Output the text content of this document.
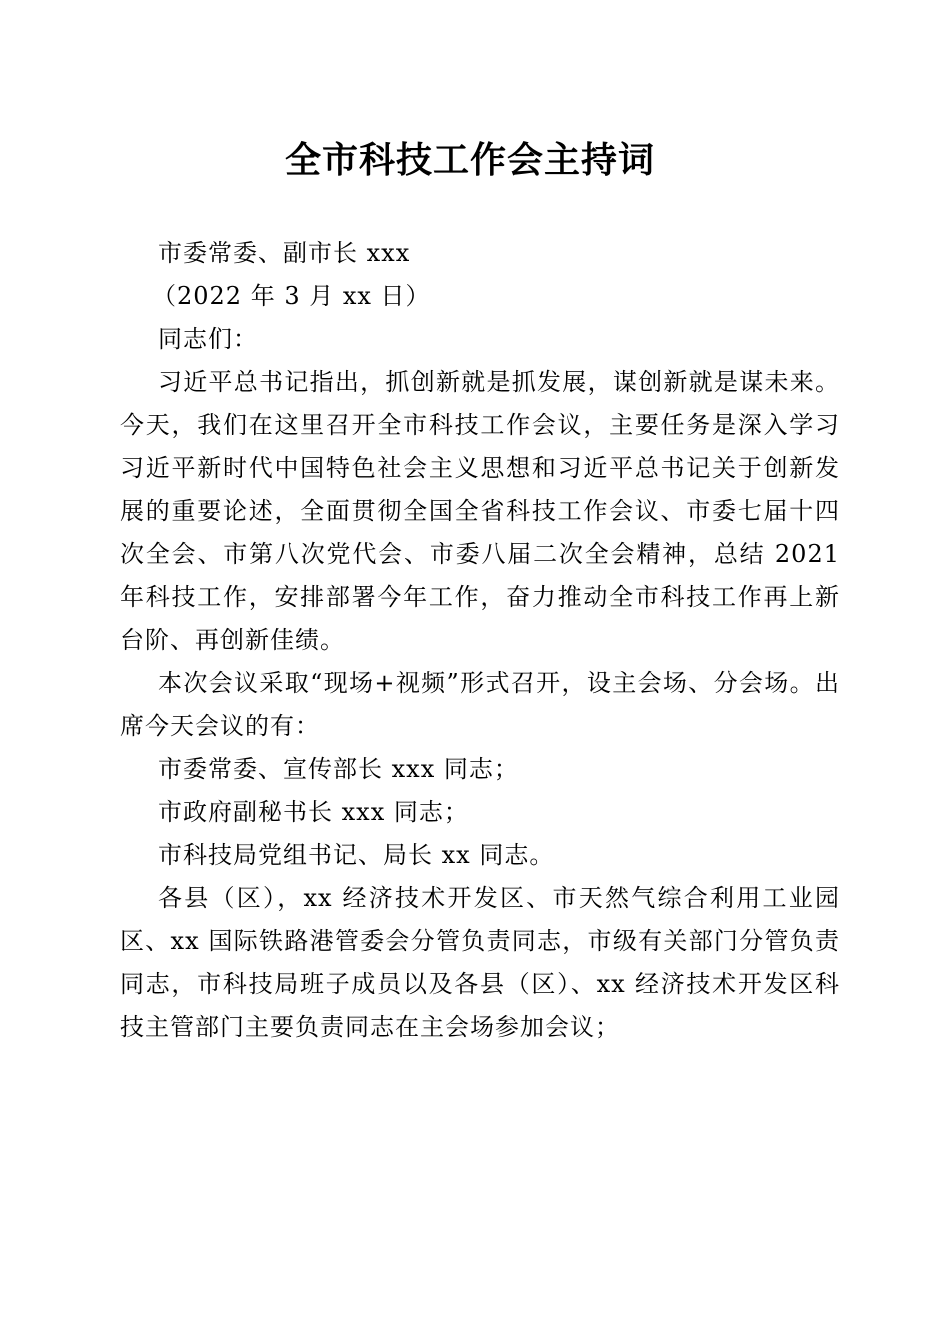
全市科技工作会主持词

市委常委、副市长 xxx

（2022 年 3 月 xx 日）

同志们：

习近平总书记指出，抓创新就是抓发展，谋创新就是谋未来。今天，我们在这里召开全市科技工作会议，主要任务是深入学习习近平新时代中国特色社会主义思想和习近平总书记关于创新发展的重要论述，全面贯彻全国全省科技工作会议、市委七届十四次全会、市第八次党代会、市委八届二次全会精神，总结 2021 年科技工作，安排部署今年工作，奋力推动全市科技工作再上新台阶、再创新佳绩。

本次会议采取“现场+视频”形式召开，设主会场、分会场。出席今天会议的有：

市委常委、宣传部长 xxx 同志；

市政府副秘书长 xxx 同志；

市科技局党组书记、局长 xx 同志。

各县（区），xx 经济技术开发区、市天然气综合利用工业园区、xx 国际铁路港管委会分管负责同志，市级有关部门分管负责同志，市科技局班子成员以及各县（区）、xx 经济技术开发区科技主管部门主要负责同志在主会场参加会议；
